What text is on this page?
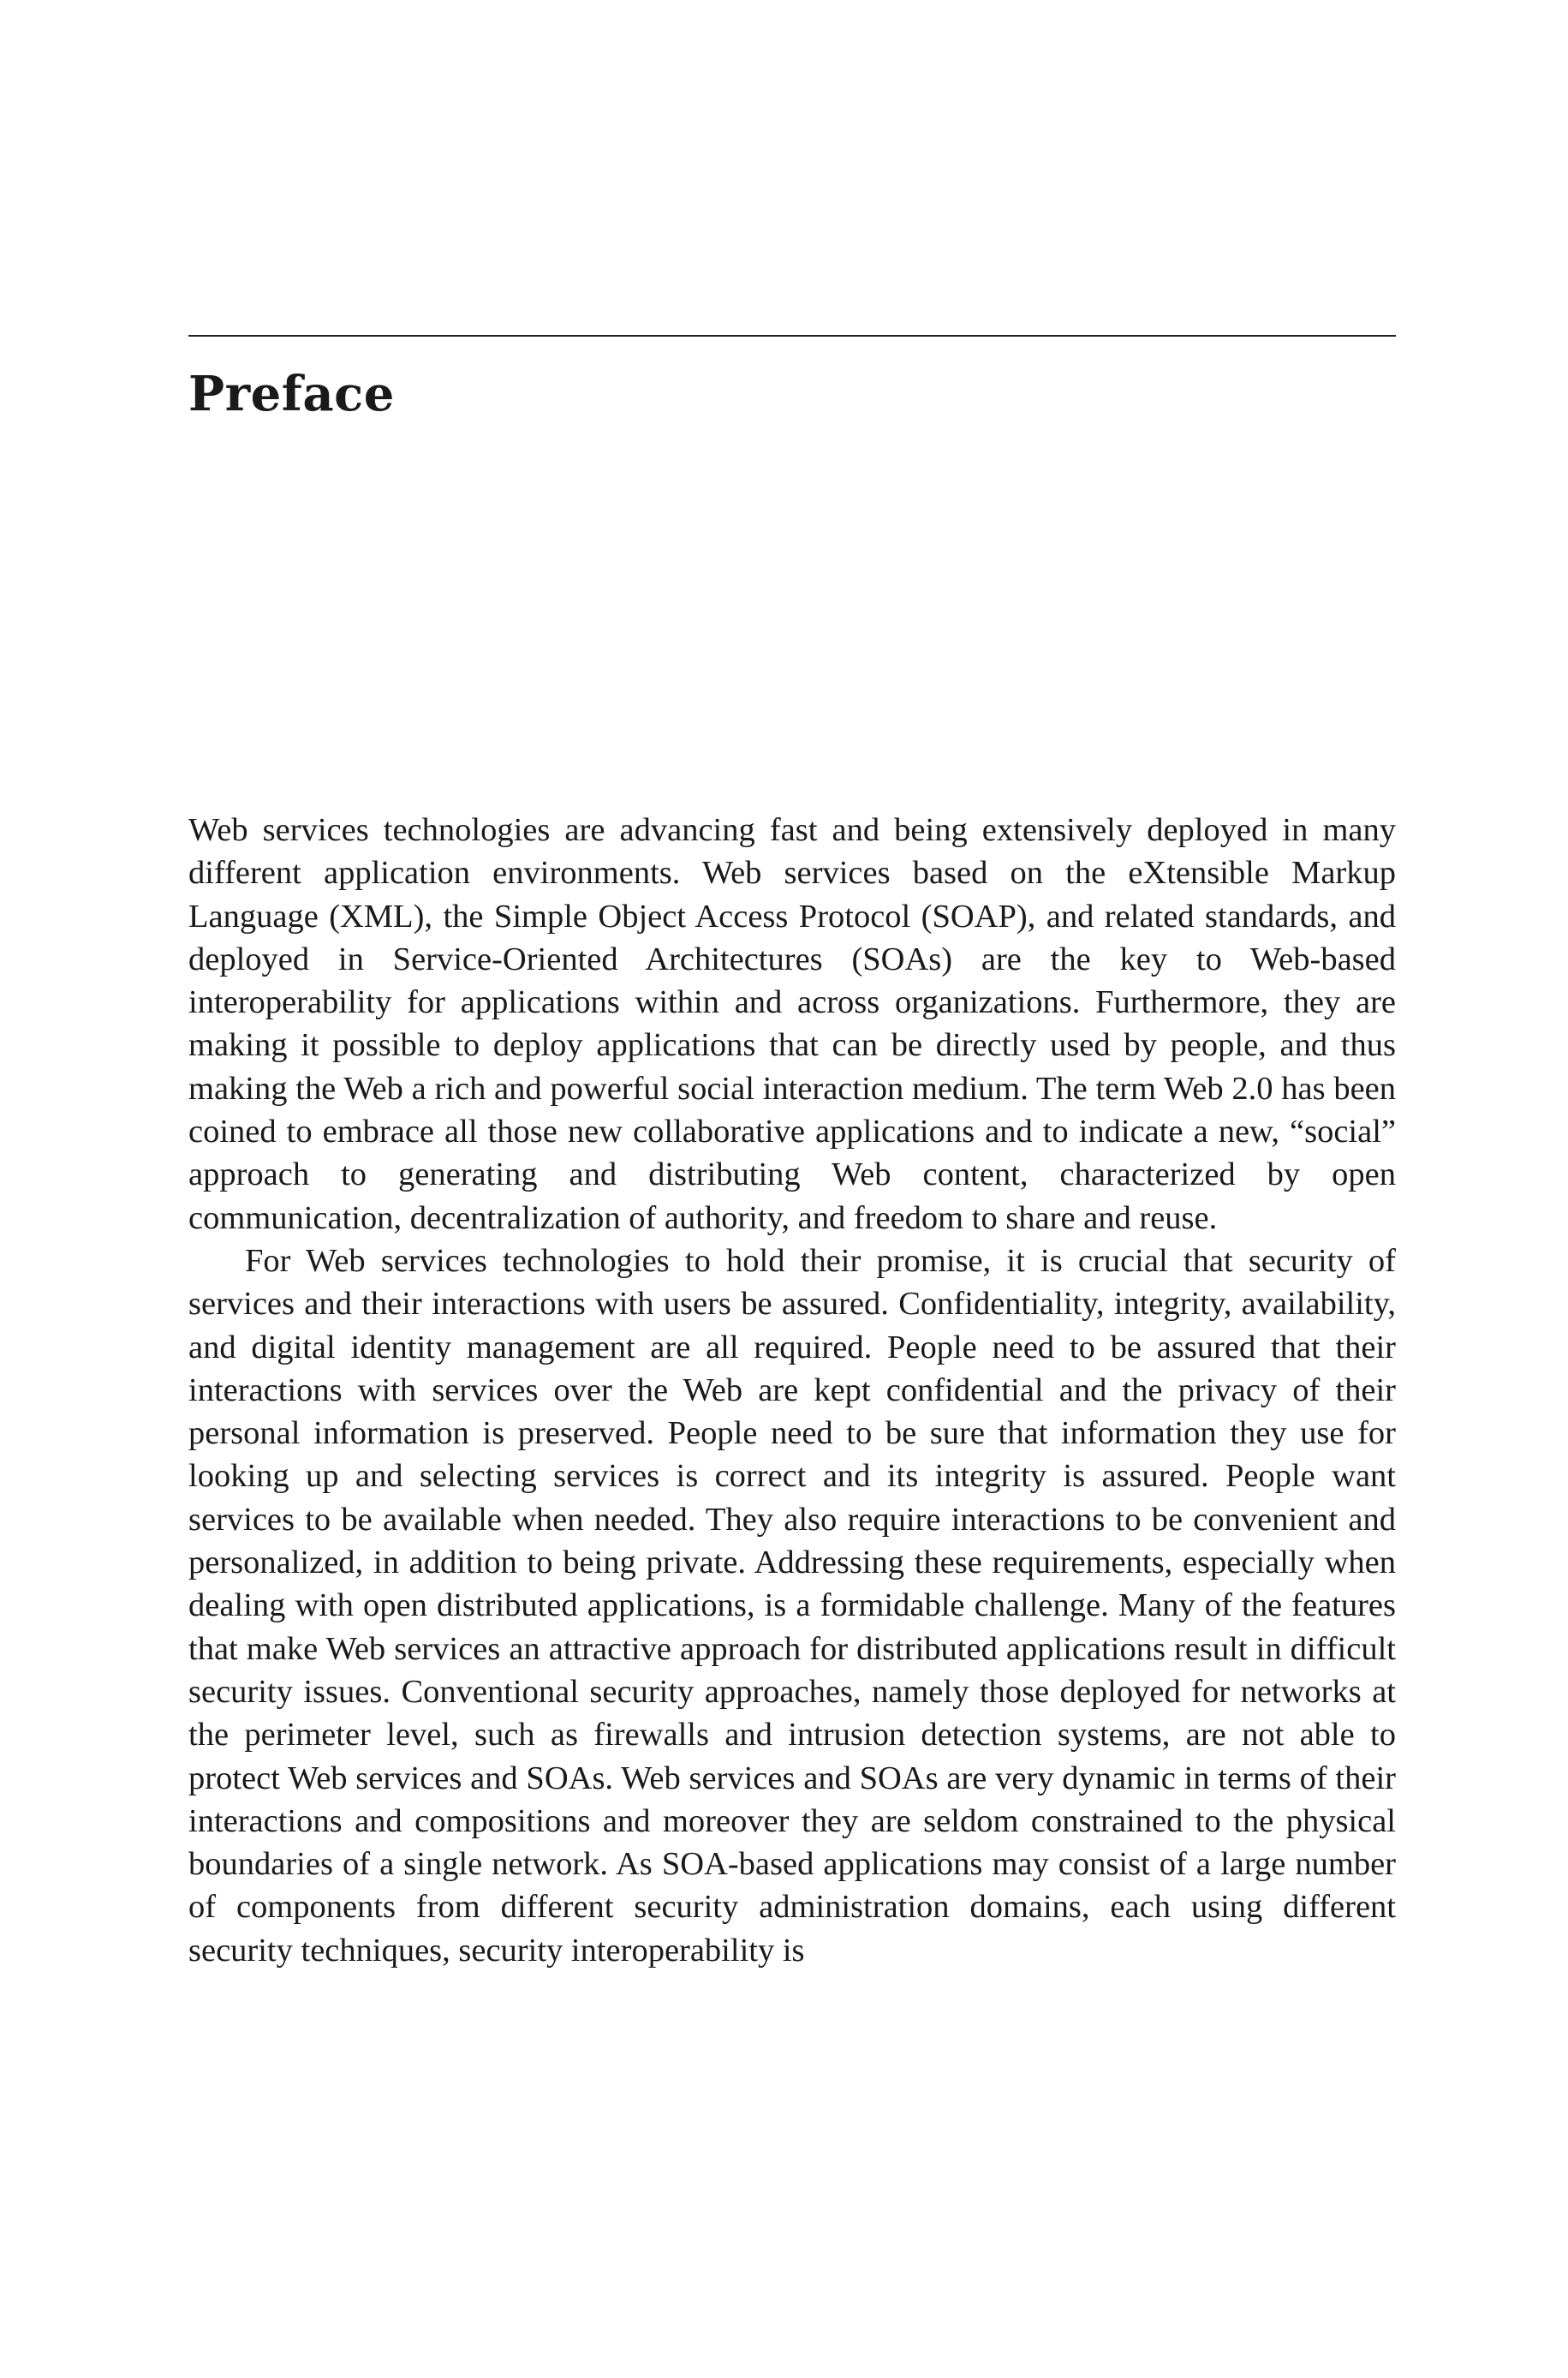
Preface

Web services technologies are advancing fast and being extensively deployed in many different application environments. Web services based on the eXtensible Markup Language (XML), the Simple Object Access Protocol (SOAP), and related standards, and deployed in Service-Oriented Architectures (SOAs) are the key to Web-based interoperability for applications within and across organizations. Furthermore, they are making it possible to deploy applications that can be directly used by people, and thus making the Web a rich and powerful social interaction medium. The term Web 2.0 has been coined to embrace all those new collaborative applications and to indicate a new, “social” approach to generating and distributing Web content, characterized by open communication, decentralization of authority, and freedom to share and reuse.

For Web services technologies to hold their promise, it is crucial that security of services and their interactions with users be assured. Confidentiality, integrity, availability, and digital identity management are all required. People need to be assured that their interactions with services over the Web are kept confidential and the privacy of their personal information is preserved. People need to be sure that information they use for looking up and selecting services is correct and its integrity is assured. People want services to be available when needed. They also require interactions to be convenient and personalized, in addition to being private. Addressing these requirements, especially when dealing with open distributed applications, is a formidable challenge. Many of the features that make Web services an attractive approach for distributed applications result in difficult security issues. Conventional security approaches, namely those deployed for networks at the perimeter level, such as firewalls and intrusion detection systems, are not able to protect Web services and SOAs. Web services and SOAs are very dynamic in terms of their interactions and compositions and moreover they are seldom constrained to the physical boundaries of a single network. As SOA-based applications may consist of a large number of components from different security administration domains, each using different security techniques, security interoperability is
